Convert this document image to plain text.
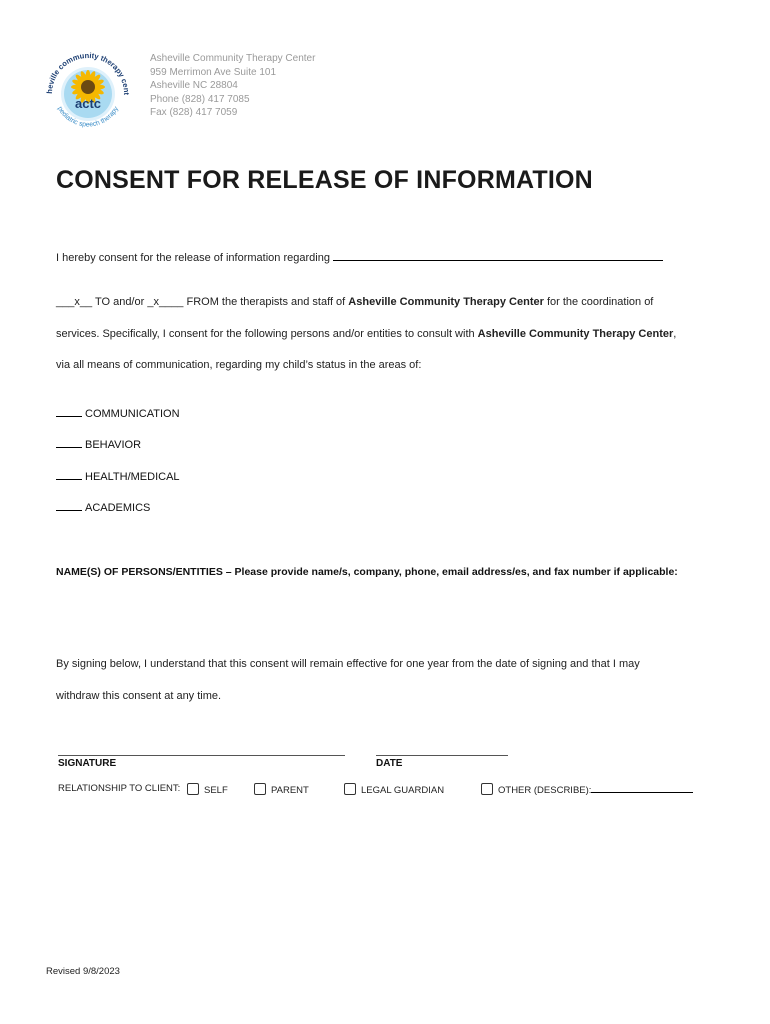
actc
heville community therapy cent
pediatric speech therapy
Asheville Community Therapy Center
959 Merrimon Ave Suite 101
Asheville NC 28804
Phone (828) 417 7085
Fax (828) 417 7059
CONSENT FOR RELEASE OF INFORMATION
I hereby consent for the release of information regarding
___x__ TO and/or _x____ FROM the therapists and staff of Asheville Community Therapy Center for the coordination of
services. Specifically, I consent for the following persons and/or entities to consult with Asheville Community Therapy Center,
via all means of communication, regarding my child’s status in the areas of:
COMMUNICATION
BEHAVIOR
HEALTH/MEDICAL
ACADEMICS
NAME(S) OF PERSONS/ENTITIES – Please provide name/s, company, phone, email address/es, and fax number if applicable:
By signing below, I understand that this consent will remain effective for one year from the date of signing and that I may
withdraw this consent at any time.
SIGNATURE	DATE
RELATIONSHIP TO CLIENT:	SELF	PARENT	LEGAL GUARDIAN	OTHER (DESCRIBE):
Revised 9/8/2023
